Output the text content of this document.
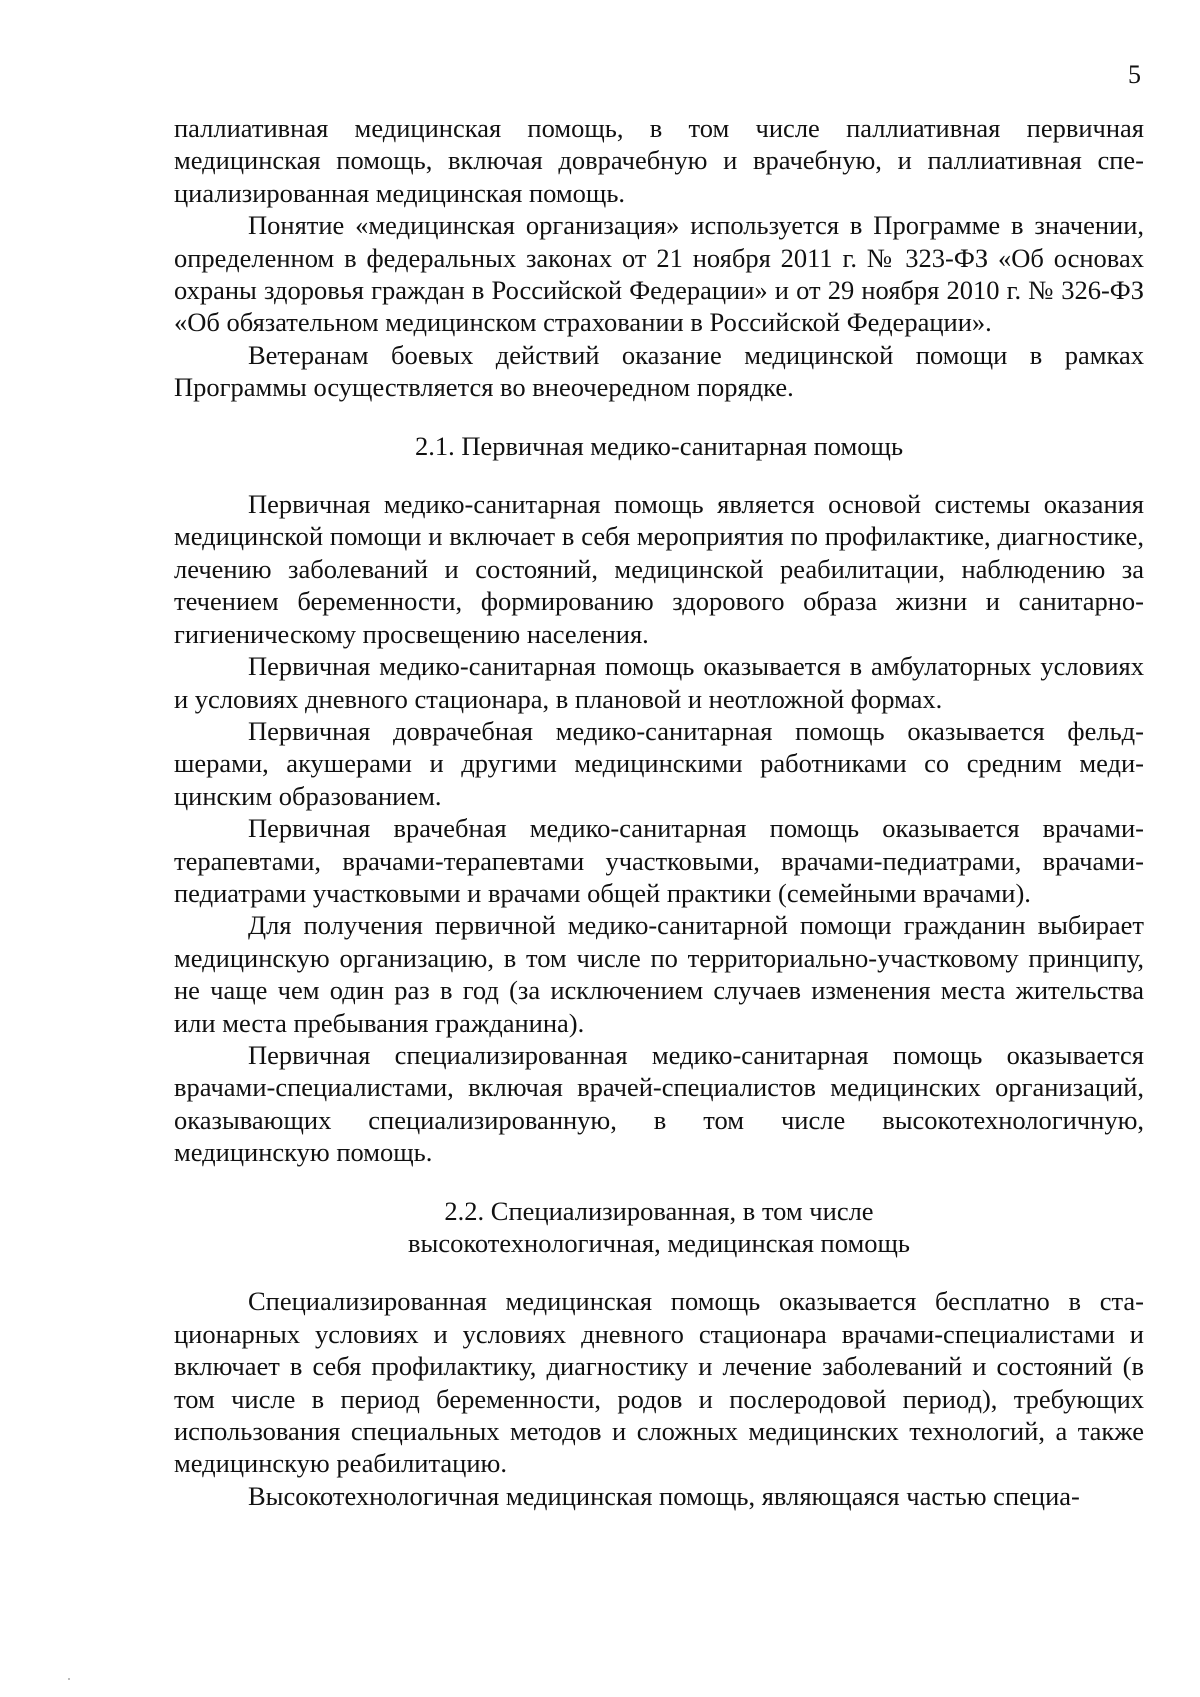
5

паллиативная медицинская помощь, в том числе паллиативная первичная медицинская помощь, включая доврачебную и врачебную, и паллиативная специализированная медицинская помощь.

Понятие «медицинская организация» используется в Программе в значении, определенном в федеральных законах от 21 ноября 2011 г. № 323-ФЗ «Об основах охраны здоровья граждан в Российской Федерации» и от 29 ноября 2010 г. № 326-ФЗ «Об обязательном медицинском страховании в Российской Федерации».

Ветеранам боевых действий оказание медицинской помощи в рамках Программы осуществляется во внеочередном порядке.

2.1. Первичная медико-санитарная помощь

Первичная медико-санитарная помощь является основой системы оказания медицинской помощи и включает в себя мероприятия по профилактике, диагностике, лечению заболеваний и состояний, медицинской реабилитации, наблюдению за течением беременности, формированию здорового образа жизни и санитарно-гигиеническому просвещению населения.

Первичная медико-санитарная помощь оказывается в амбулаторных условиях и условиях дневного стационара, в плановой и неотложной формах.

Первичная доврачебная медико-санитарная помощь оказывается фельдшерами, акушерами и другими медицинскими работниками со средним медицинским образованием.

Первичная врачебная медико-санитарная помощь оказывается врачами-терапевтами, врачами-терапевтами участковыми, врачами-педиатрами, врачами-педиатрами участковыми и врачами общей практики (семейными врачами).

Для получения первичной медико-санитарной помощи гражданин выбирает медицинскую организацию, в том числе по территориально-участковому принципу, не чаще чем один раз в год (за исключением случаев изменения места жительства или места пребывания гражданина).

Первичная специализированная медико-санитарная помощь оказывается врачами-специалистами, включая врачей-специалистов медицинских организаций, оказывающих специализированную, в том числе высокотехнологичную, медицинскую помощь.

2.2. Специализированная, в том числе
высокотехнологичная, медицинская помощь

Специализированная медицинская помощь оказывается бесплатно в стационарных условиях и условиях дневного стационара врачами-специалистами и включает в себя профилактику, диагностику и лечение заболеваний и состояний (в том числе в период беременности, родов и послеродовой период), требующих использования специальных методов и сложных медицинских технологий, а также медицинскую реабилитацию.

Высокотехнологичная медицинская помощь, являющаяся частью специа-
